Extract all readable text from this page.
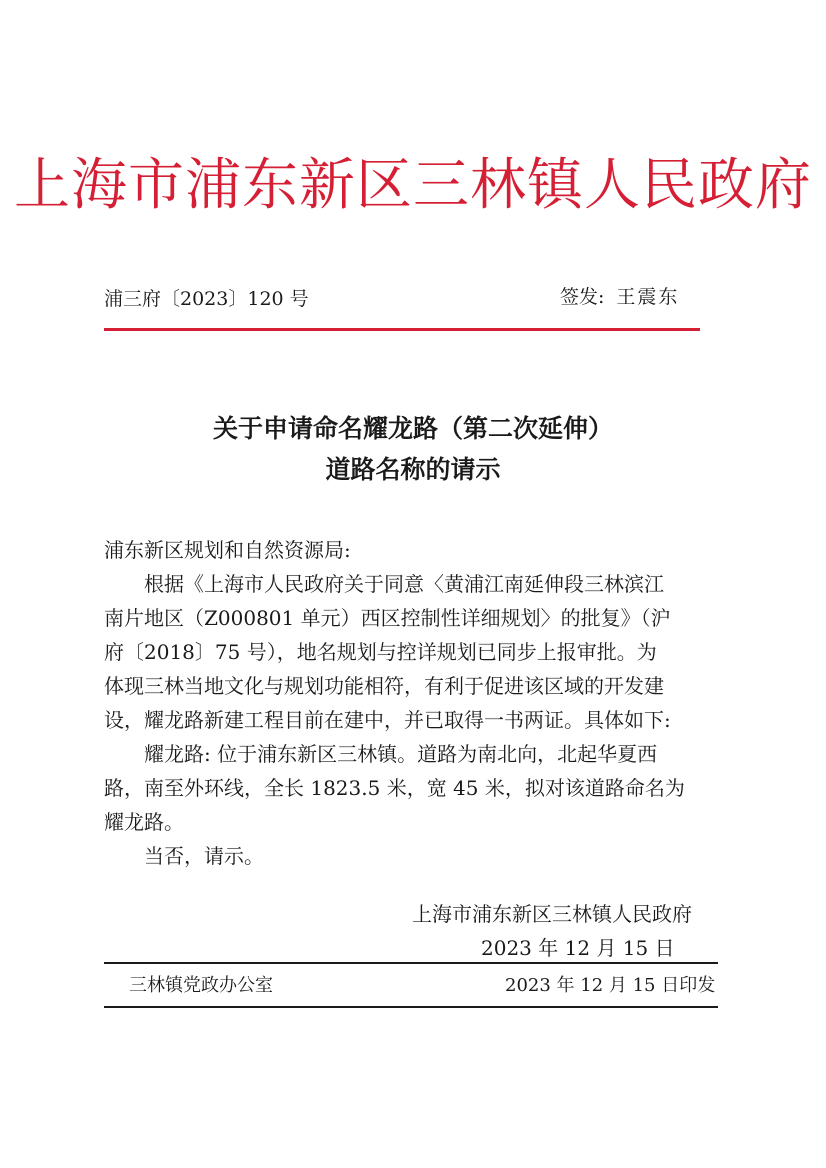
上海市浦东新区三林镇人民政府
浦三府〔2023〕120 号	签发: 王震东
关于申请命名耀龙路（第二次延伸）
道路名称的请示

浦东新区规划和自然资源局:

根据《上海市人民政府关于同意〈黄浦江南延伸段三林滨江
南片地区（Z000801 单元）西区控制性详细规划〉的批复》（沪
府〔2018〕75 号），地名规划与控详规划已同步上报审批。为
体现三林当地文化与规划功能相符，有利于促进该区域的开发建
设，耀龙路新建工程目前在建中，并已取得一书两证。具体如下:

耀龙路: 位于浦东新区三林镇。道路为南北向，北起华夏西
路，南至外环线，全长 1823.5 米，宽 45 米，拟对该道路命名为
耀龙路。

当否，请示。

上海市浦东新区三林镇人民政府
2023 年 12 月 15 日
三林镇党政办公室	2023 年 12 月 15 日印发
